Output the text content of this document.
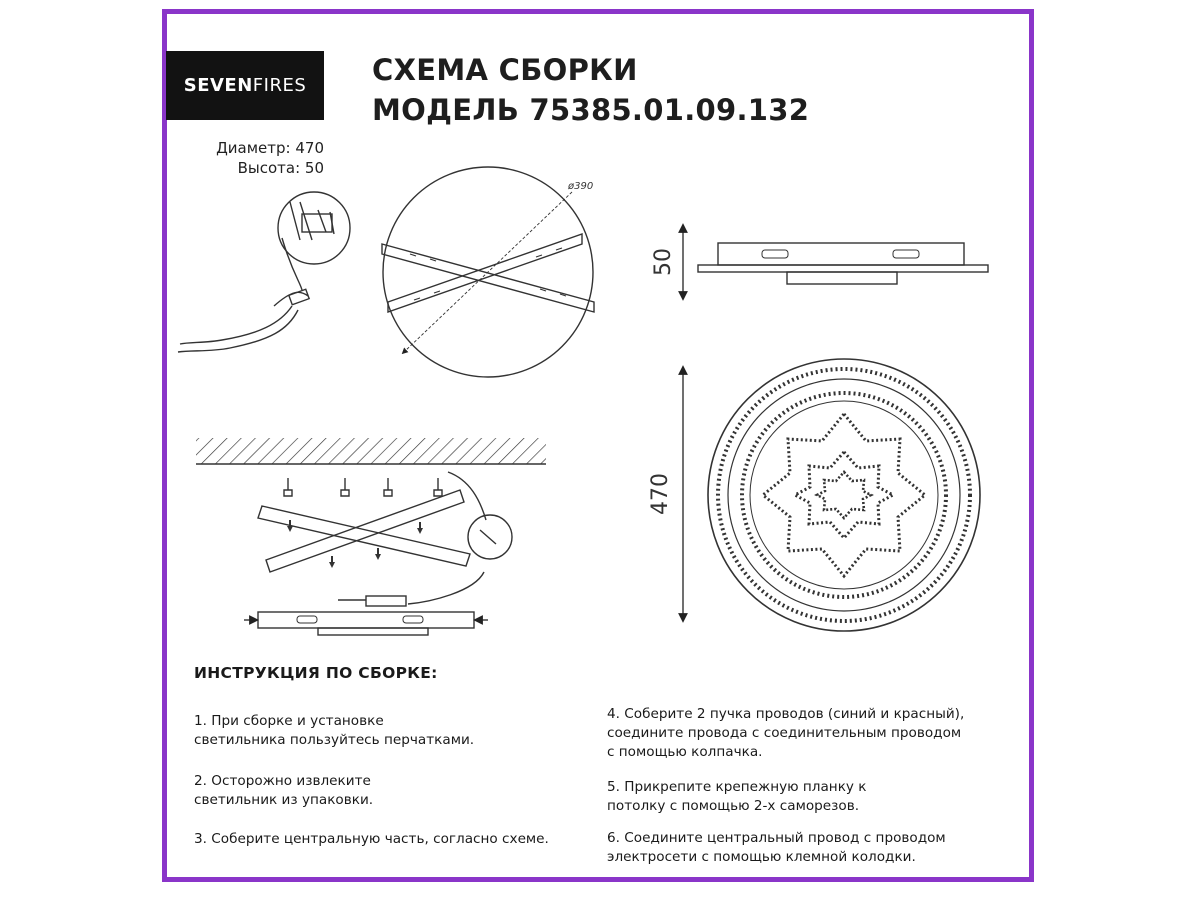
SEVEN FIRES СХЕМА СБОРКИ
МОДЕЛЬ 75385.01.09.132
Диаметр: 470
Высота: 50
ø390
50
470
ИНСТРУКЦИЯ ПО СБОРКЕ:
1. При сборке и установке
светильника пользуйтесь перчатками.
2. Осторожно извлеките
светильник из упаковки.
3. Соберите центральную часть, согласно схеме.
4. Соберите 2 пучка проводов (синий и красный),
соедините провода с соединительным проводом
с помощью колпачка.
5. Прикрепите крепежную планку к
потолку с помощью 2-х саморезов.
6. Соедините центральный провод с проводом
электросети с помощью клемной колодки.
